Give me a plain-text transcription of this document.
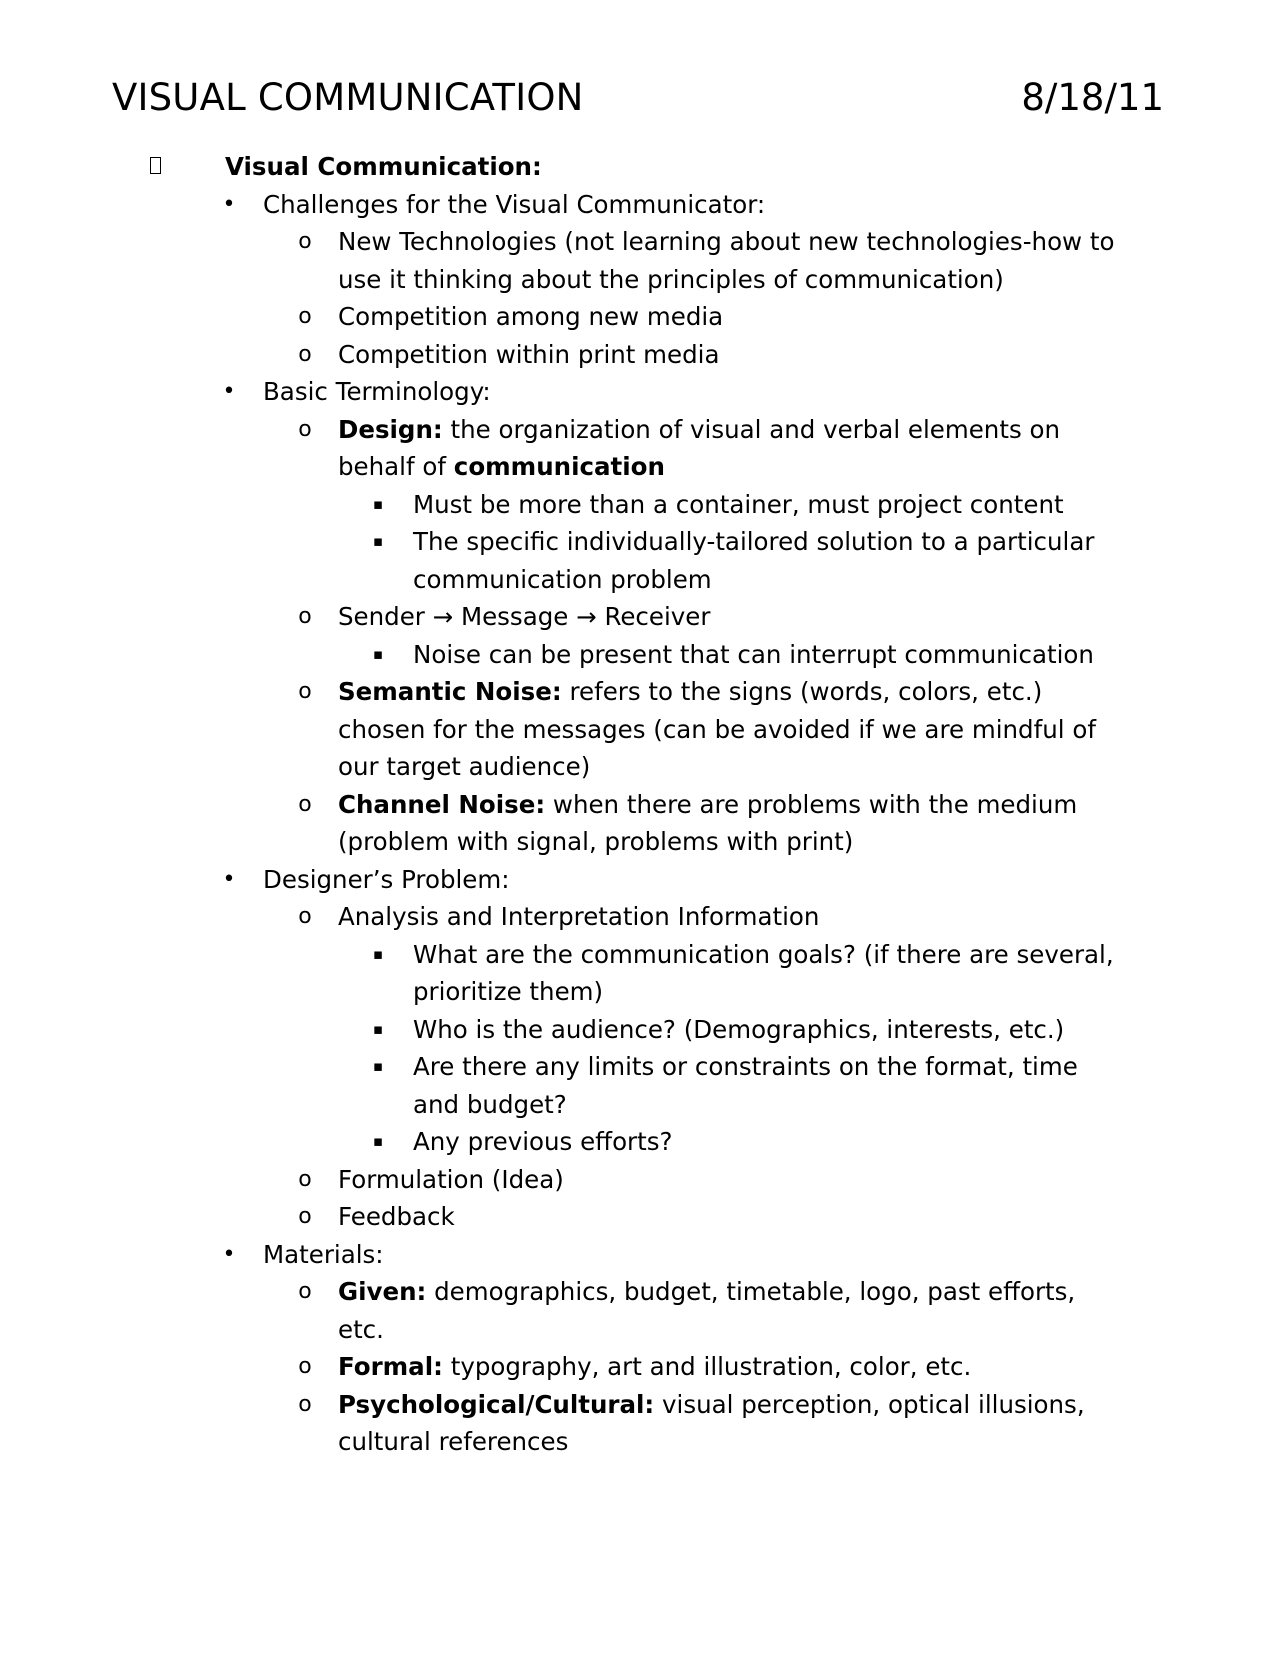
VISUAL COMMUNICATION	8/18/11
Visual Communication:
• Challenges for the Visual Communicator:
o New Technologies (not learning about new technologies-how to use it thinking about the principles of communication)
o Competition among new media
o Competition within print media
• Basic Terminology:
o Design: the organization of visual and verbal elements on behalf of communication
▪ Must be more than a container, must project content
▪ The specific individually-tailored solution to a particular communication problem
o Sender → Message → Receiver
▪ Noise can be present that can interrupt communication
o Semantic Noise: refers to the signs (words, colors, etc.) chosen for the messages (can be avoided if we are mindful of our target audience)
o Channel Noise: when there are problems with the medium (problem with signal, problems with print)
• Designer’s Problem:
o Analysis and Interpretation Information
▪ What are the communication goals? (if there are several, prioritize them)
▪ Who is the audience? (Demographics, interests, etc.)
▪ Are there any limits or constraints on the format, time and budget?
▪ Any previous efforts?
o Formulation (Idea)
o Feedback
• Materials:
o Given: demographics, budget, timetable, logo, past efforts, etc.
o Formal: typography, art and illustration, color, etc.
o Psychological/Cultural: visual perception, optical illusions, cultural references
